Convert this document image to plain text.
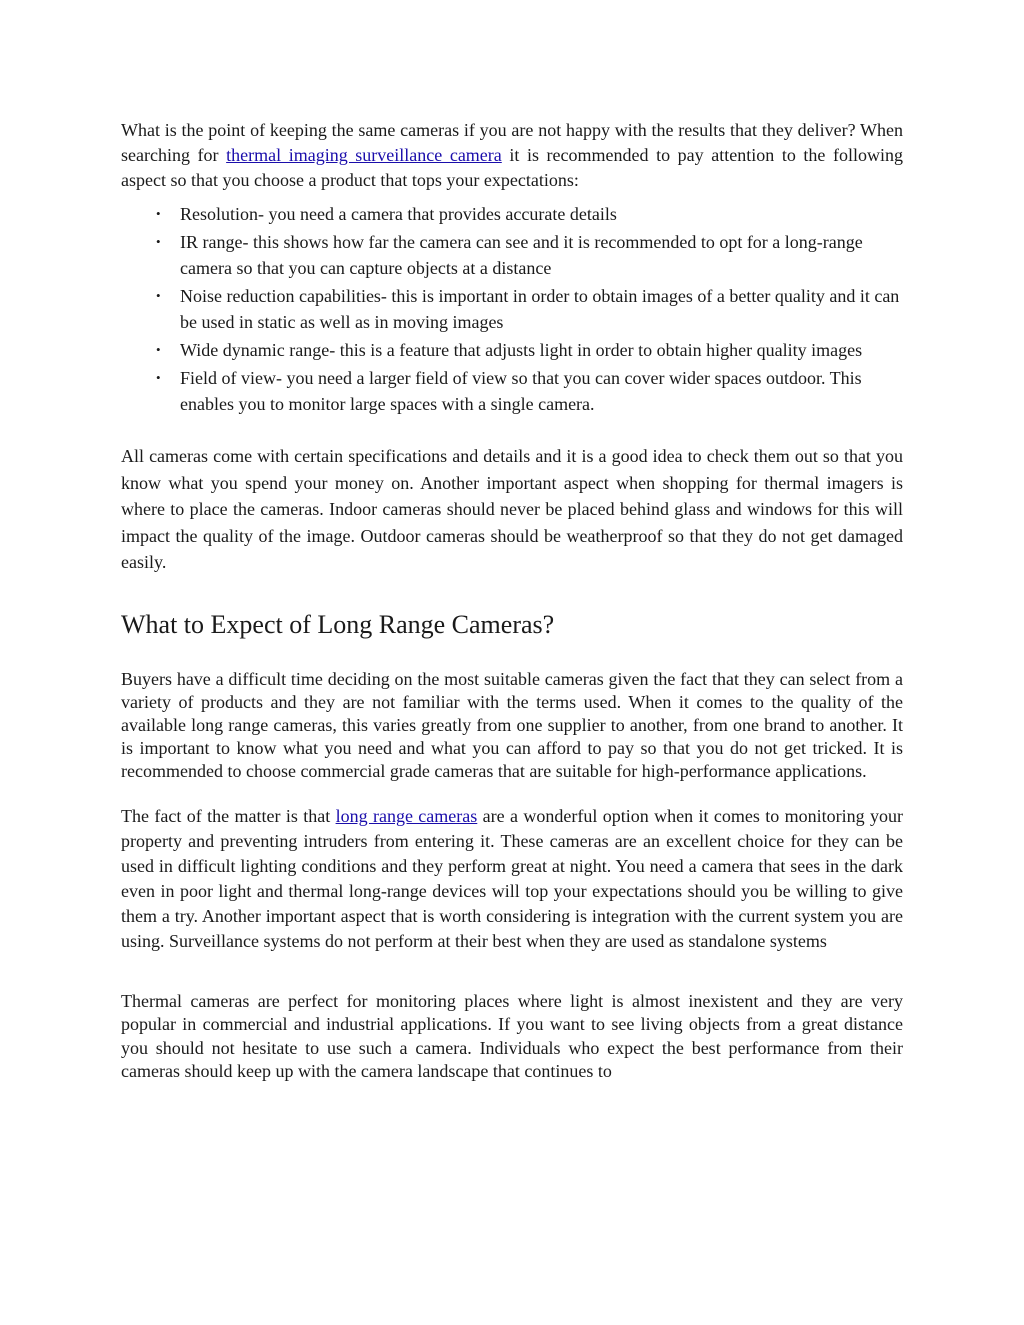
What is the point of keeping the same cameras if you are not happy with the results that they deliver? When searching for thermal imaging surveillance camera it is recommended to pay attention to the following aspect so that you choose a product that tops your expectations:

• Resolution- you need a camera that provides accurate details
• IR range- this shows how far the camera can see and it is recommended to opt for a long-range camera so that you can capture objects at a distance
• Noise reduction capabilities- this is important in order to obtain images of a better quality and it can be used in static as well as in moving images
• Wide dynamic range- this is a feature that adjusts light in order to obtain higher quality images
• Field of view- you need a larger field of view so that you can cover wider spaces outdoor. This enables you to monitor large spaces with a single camera.

All cameras come with certain specifications and details and it is a good idea to check them out so that you know what you spend your money on. Another important aspect when shopping for thermal imagers is where to place the cameras. Indoor cameras should never be placed behind glass and windows for this will impact the quality of the image. Outdoor cameras should be weatherproof so that they do not get damaged easily.

What to Expect of Long Range Cameras?

Buyers have a difficult time deciding on the most suitable cameras given the fact that they can select from a variety of products and they are not familiar with the terms used. When it comes to the quality of the available long range cameras, this varies greatly from one supplier to another, from one brand to another. It is important to know what you need and what you can afford to pay so that you do not get tricked. It is recommended to choose commercial grade cameras that are suitable for high-performance applications.

The fact of the matter is that long range cameras are a wonderful option when it comes to monitoring your property and preventing intruders from entering it. These cameras are an excellent choice for they can be used in difficult lighting conditions and they perform great at night. You need a camera that sees in the dark even in poor light and thermal long-range devices will top your expectations should you be willing to give them a try. Another important aspect that is worth considering is integration with the current system you are using. Surveillance systems do not perform at their best when they are used as standalone systems

Thermal cameras are perfect for monitoring places where light is almost inexistent and they are very popular in commercial and industrial applications. If you want to see living objects from a great distance you should not hesitate to use such a camera. Individuals who expect the best performance from their cameras should keep up with the camera landscape that continues to
